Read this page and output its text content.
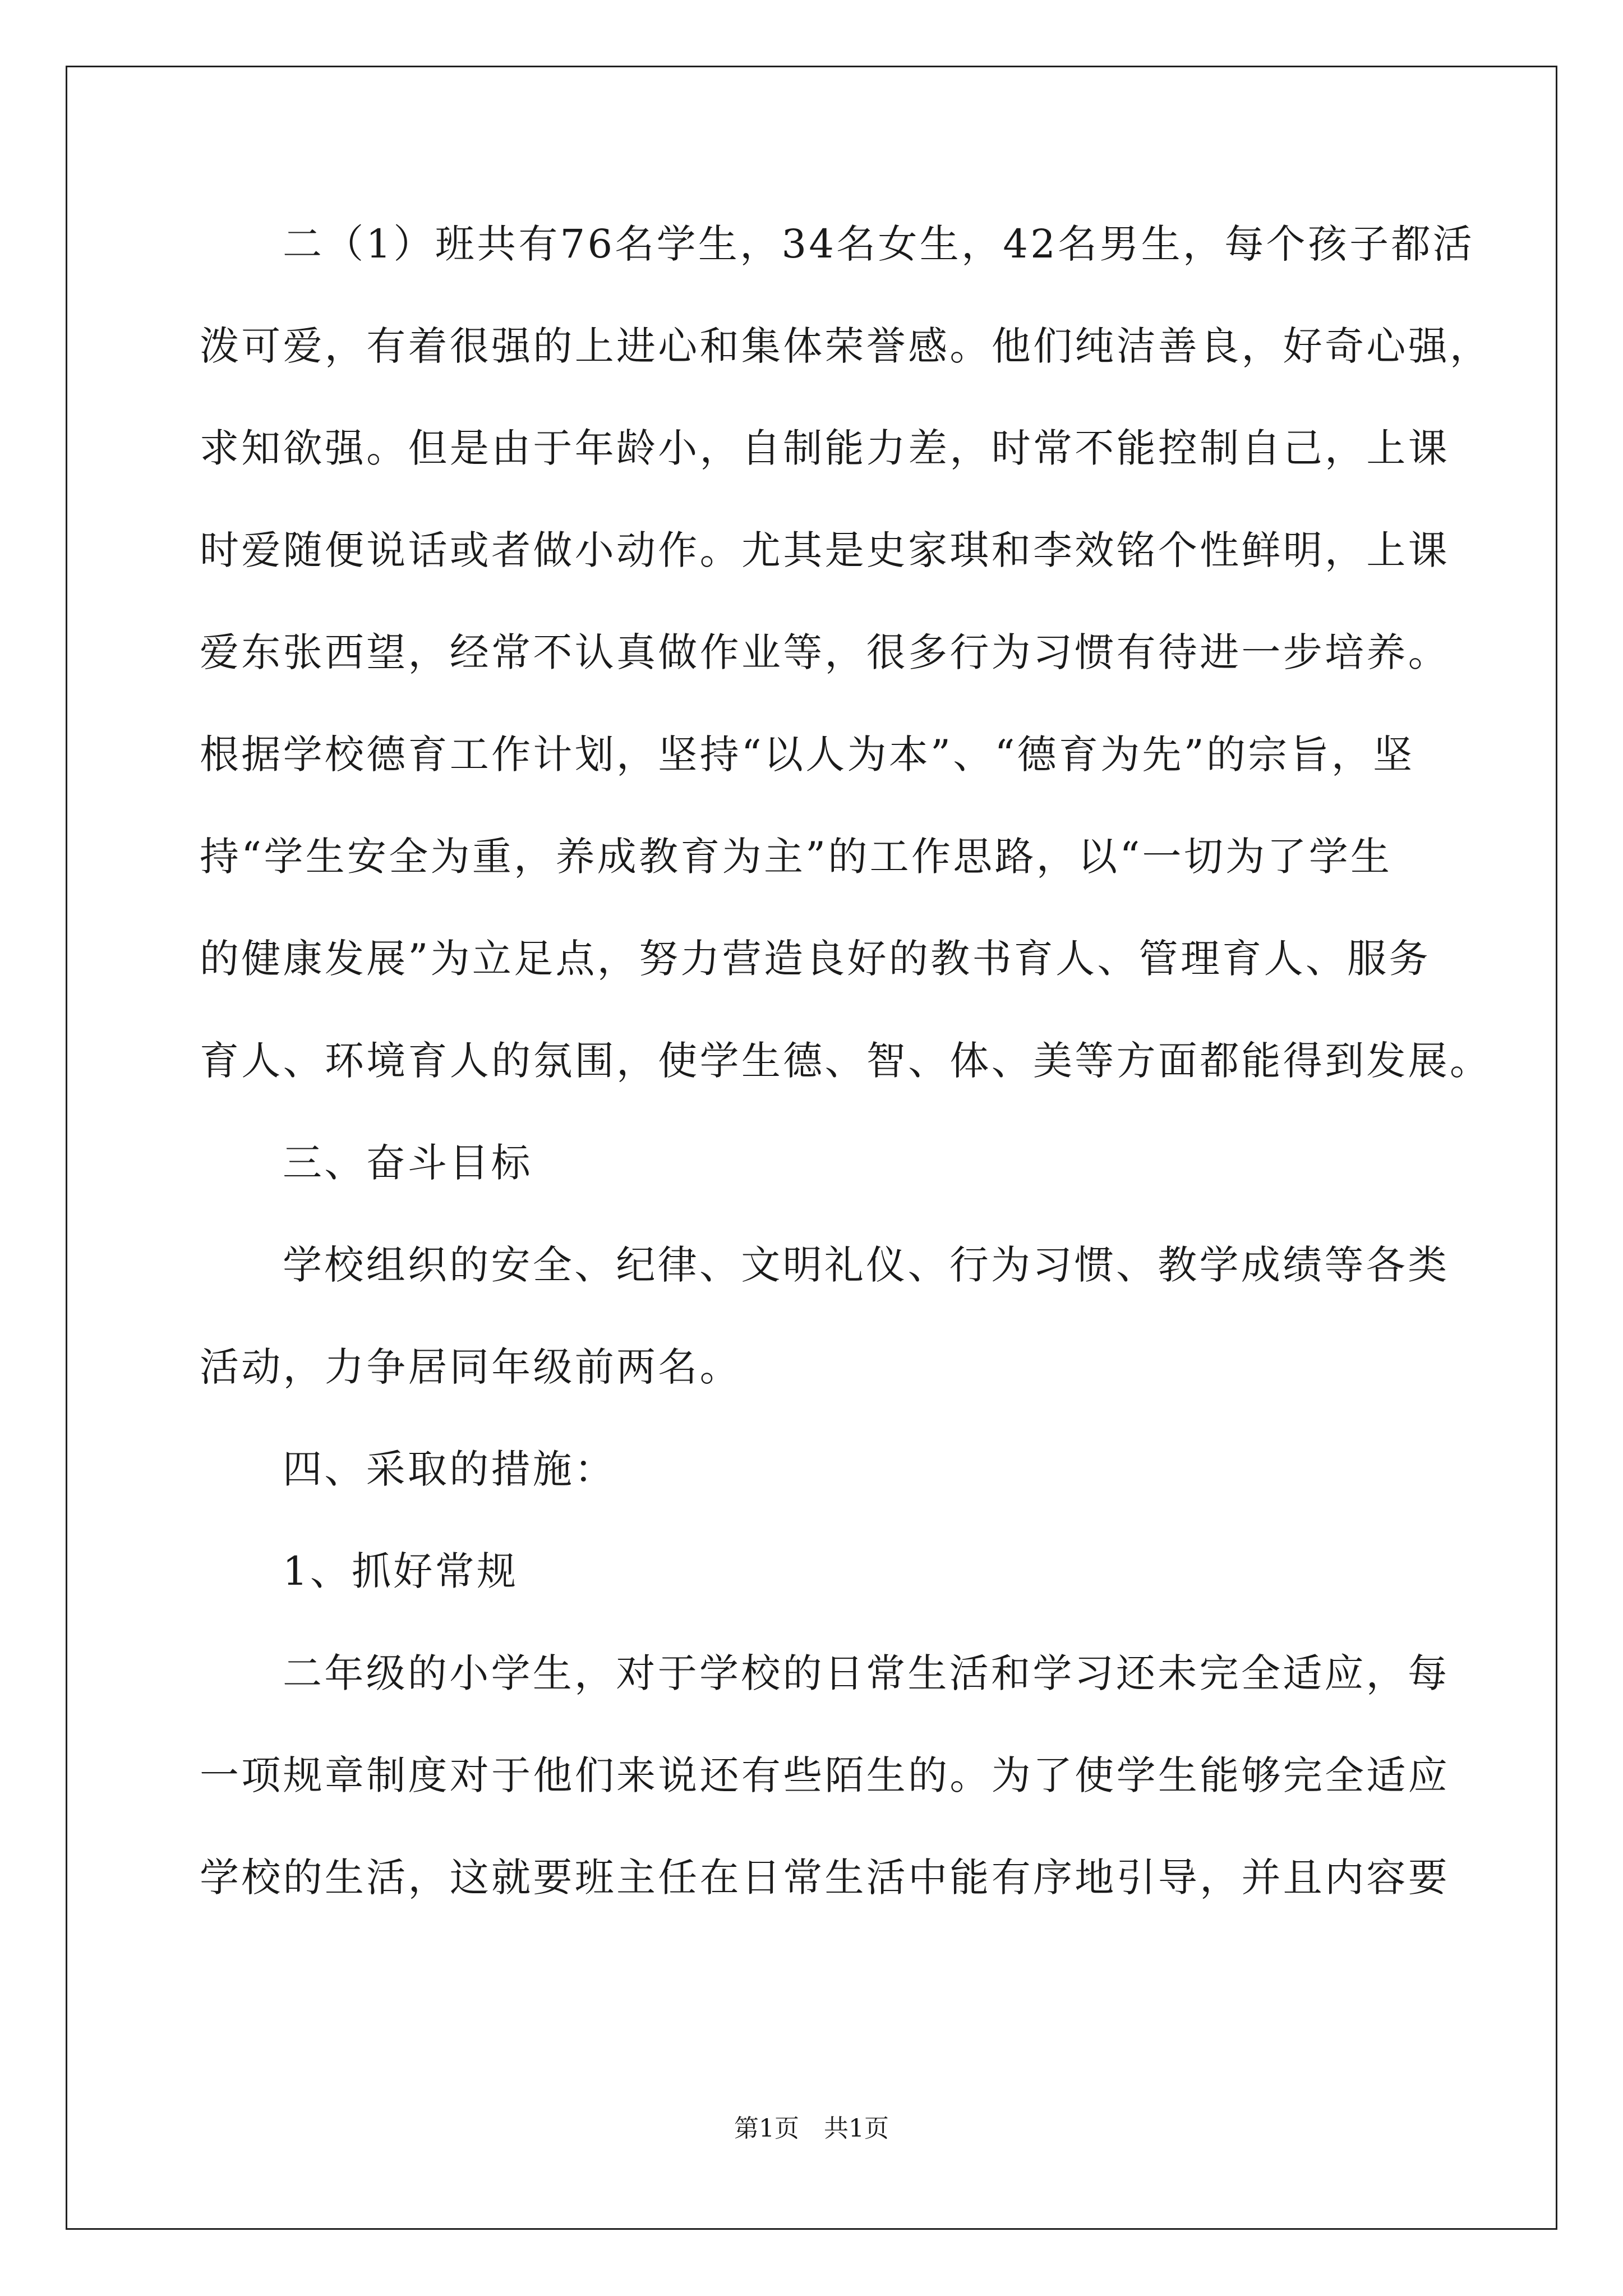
二（1）班共有76名学生，34名女生，42名男生，每个孩子都活
泼可爱，有着很强的上进心和集体荣誉感。他们纯洁善良，好奇心强，
求知欲强。但是由于年龄小，自制能力差，时常不能控制自己，上课
时爱随便说话或者做小动作。尤其是史家琪和李效铭个性鲜明，上课
爱东张西望，经常不认真做作业等，很多行为习惯有待进一步培养。
根据学校德育工作计划，坚持“以人为本”、“德育为先”的宗旨，坚
持“学生安全为重，养成教育为主”的工作思路，以“一切为了学生
的健康发展”为立足点，努力营造良好的教书育人、管理育人、服务
育人、环境育人的氛围，使学生德、智、体、美等方面都能得到发展。
三、奋斗目标
学校组织的安全、纪律、文明礼仪、行为习惯、教学成绩等各类
活动，力争居同年级前两名。
四、采取的措施：
1、抓好常规
二年级的小学生，对于学校的日常生活和学习还未完全适应，每
一项规章制度对于他们来说还有些陌生的。为了使学生能够完全适应
学校的生活，这就要班主任在日常生活中能有序地引导，并且内容要
第1页　共1页
